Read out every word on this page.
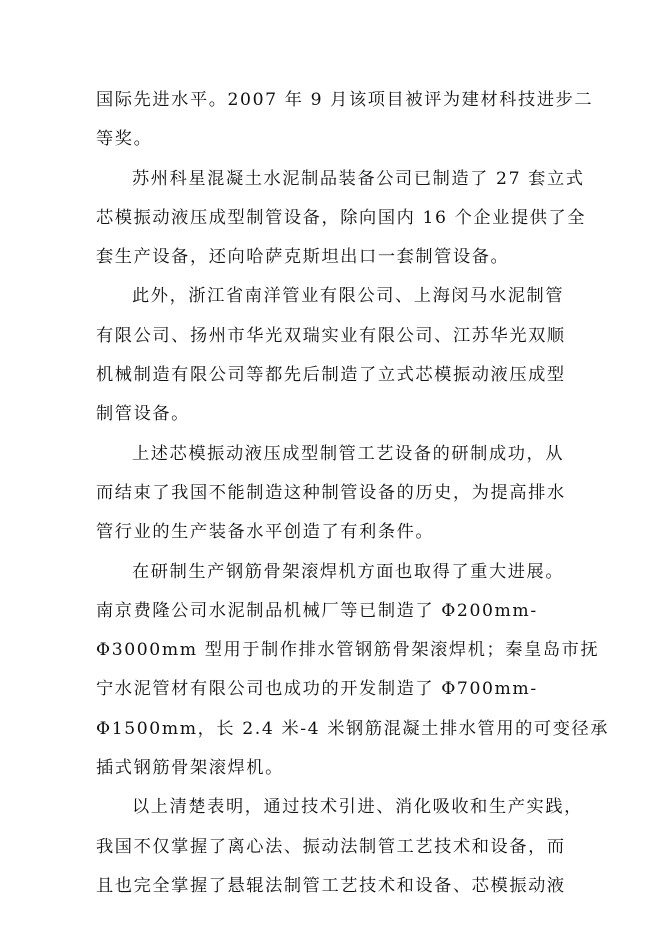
国际先进水平。2007 年 9 月该项目被评为建材科技进步二
等奖。
苏州科星混凝土水泥制品装备公司已制造了 27 套立式
芯模振动液压成型制管设备，除向国内 16 个企业提供了全
套生产设备，还向哈萨克斯坦出口一套制管设备。
此外，浙江省南洋管业有限公司、上海闵马水泥制管
有限公司、扬州市华光双瑞实业有限公司、江苏华光双顺
机械制造有限公司等都先后制造了立式芯模振动液压成型
制管设备。
上述芯模振动液压成型制管工艺设备的研制成功，从
而结束了我国不能制造这种制管设备的历史，为提高排水
管行业的生产装备水平创造了有利条件。
在研制生产钢筋骨架滚焊机方面也取得了重大进展。
南京费隆公司水泥制品机械厂等已制造了 Φ200mm-
Φ3000mm 型用于制作排水管钢筋骨架滚焊机；秦皇岛市抚
宁水泥管材有限公司也成功的开发制造了 Φ700mm-
Φ1500mm，长 2.4 米-4 米钢筋混凝土排水管用的可变径承
插式钢筋骨架滚焊机。
以上清楚表明，通过技术引进、消化吸收和生产实践，
我国不仅掌握了离心法、振动法制管工艺技术和设备，而
且也完全掌握了悬辊法制管工艺技术和设备、芯模振动液
